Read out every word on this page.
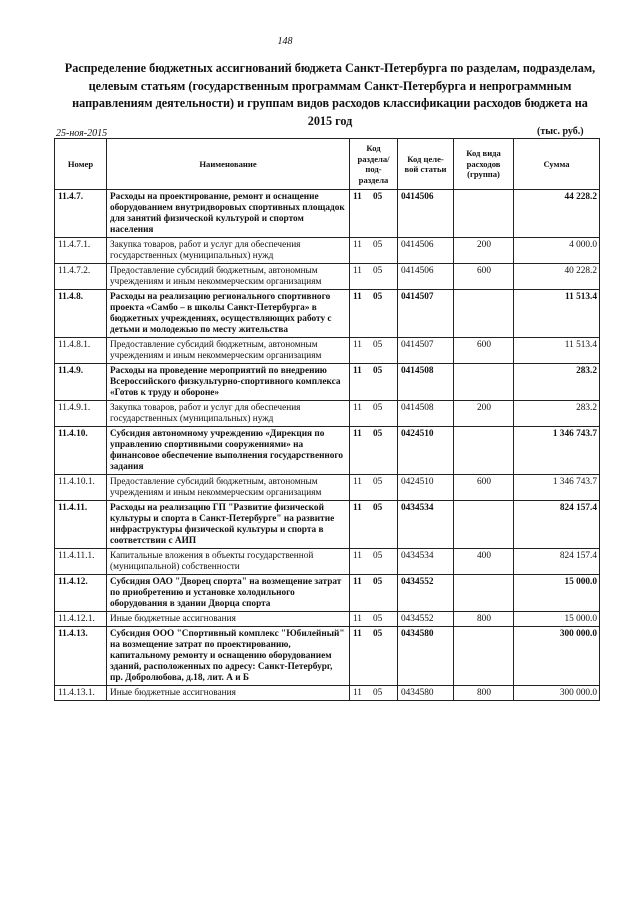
148
Распределение бюджетных ассигнований бюджета Санкт-Петербурга по разделам, подразделам, целевым статьям (государственным программам Санкт-Петербурга и непрограммным направлениям деятельности) и группам видов расходов классификации расходов бюджета на 2015 год
25-ноя-2015	(тыс. руб.)
Номер	Наименование	Код раздела/ под- раздела	Код целе- вой статьи	Код вида расходов (группа)	Сумма
11.4.7.	Расходы на проектирование, ремонт и оснащение оборудованием внутридворовых спортивных площадок для занятий физической культурой и спортом населения	11 05	0414506		44 228.2
11.4.7.1.	Закупка товаров, работ и услуг для обеспечения государственных (муниципальных) нужд	11 05	0414506	200	4 000.0
11.4.7.2.	Предоставление субсидий бюджетным, автономным учреждениям и иным некоммерческим организациям	11 05	0414506	600	40 228.2
11.4.8.	Расходы на реализацию регионального спортивного проекта «Самбо – в школы Санкт-Петербурга» в бюджетных учреждениях, осуществляющих работу с детьми и молодежью по месту жительства	11 05	0414507		11 513.4
11.4.8.1.	Предоставление субсидий бюджетным, автономным учреждениям и иным некоммерческим организациям	11 05	0414507	600	11 513.4
11.4.9.	Расходы на проведение мероприятий по внедрению Всероссийского физкультурно-спортивного комплекса «Готов к труду и обороне»	11 05	0414508		283.2
11.4.9.1.	Закупка товаров, работ и услуг для обеспечения государственных (муниципальных) нужд	11 05	0414508	200	283.2
11.4.10.	Субсидия автономному учреждению «Дирекция по управлению спортивными сооружениями» на финансовое обеспечение выполнения государственного задания	11 05	0424510		1 346 743.7
11.4.10.1.	Предоставление субсидий бюджетным, автономным учреждениям и иным некоммерческим организациям	11 05	0424510	600	1 346 743.7
11.4.11.	Расходы на реализацию ГП "Развитие физической культуры и спорта в Санкт-Петербурге" на развитие инфраструктуры физической культуры и спорта в соответствии с АИП	11 05	0434534		824 157.4
11.4.11.1.	Капитальные вложения в объекты государственной (муниципальной) собственности	11 05	0434534	400	824 157.4
11.4.12.	Субсидия ОАО "Дворец спорта" на возмещение затрат по приобретению и установке холодильного оборудования в здании Дворца спорта	11 05	0434552		15 000.0
11.4.12.1.	Иные бюджетные ассигнования	11 05	0434552	800	15 000.0
11.4.13.	Субсидия ООО "Спортивный комплекс "Юбилейный" на возмещение затрат по проектированию, капитальному ремонту и оснащению оборудованием зданий, расположенных по адресу: Санкт-Петербург, пр. Добролюбова, д.18, лит. А и Б	11 05	0434580		300 000.0
11.4.13.1.	Иные бюджетные ассигнования	11 05	0434580	800	300 000.0
